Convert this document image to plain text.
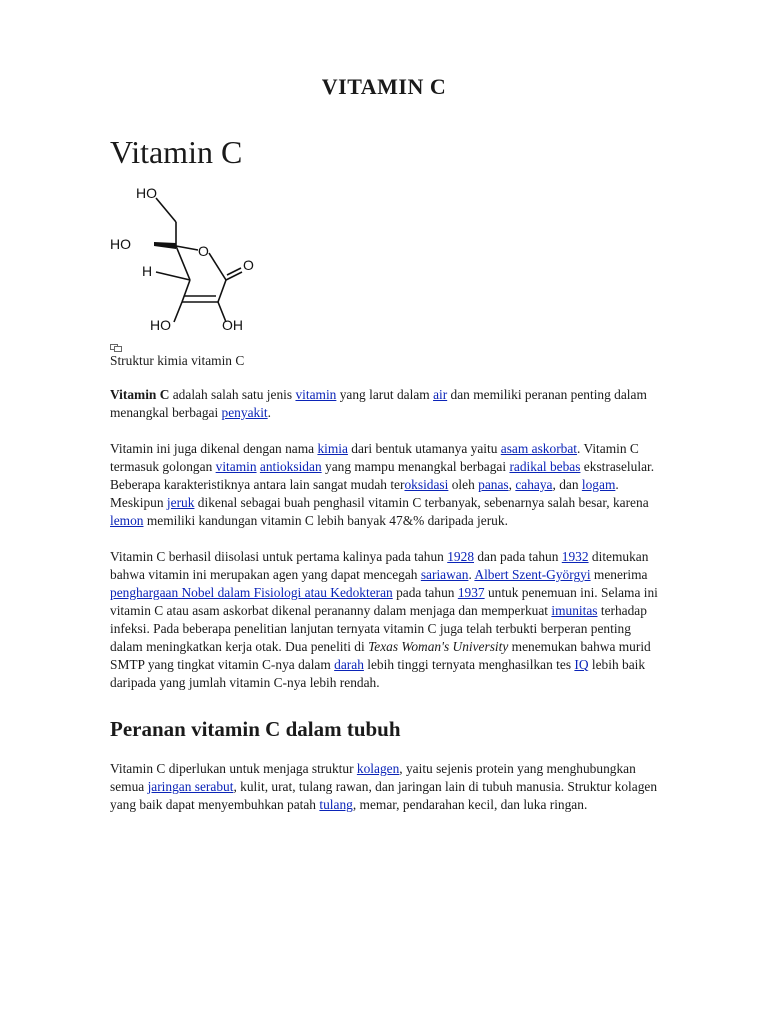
VITAMIN C
Vitamin C
HO
HO
H
O
O
HO	OH
Struktur kimia vitamin C

Vitamin C adalah salah satu jenis vitamin yang larut dalam air dan memiliki peranan penting dalam menangkal berbagai penyakit.

Vitamin ini juga dikenal dengan nama kimia dari bentuk utamanya yaitu asam askorbat. Vitamin C termasuk golongan vitamin antioksidan yang mampu menangkal berbagai radikal bebas ekstraselular. Beberapa karakteristiknya antara lain sangat mudah teroksidasi oleh panas, cahaya, dan logam. Meskipun jeruk dikenal sebagai buah penghasil vitamin C terbanyak, sebenarnya salah besar, karena lemon memiliki kandungan vitamin C lebih banyak 47&% daripada jeruk.

Vitamin C berhasil diisolasi untuk pertama kalinya pada tahun 1928 dan pada tahun 1932 ditemukan bahwa vitamin ini merupakan agen yang dapat mencegah sariawan. Albert Szent-Györgyi menerima penghargaan Nobel dalam Fisiologi atau Kedokteran pada tahun 1937 untuk penemuan ini. Selama ini vitamin C atau asam askorbat dikenal perananny dalam menjaga dan memperkuat imunitas terhadap infeksi. Pada beberapa penelitian lanjutan ternyata vitamin C juga telah terbukti berperan penting dalam meningkatkan kerja otak. Dua peneliti di Texas Woman's University menemukan bahwa murid SMTP yang tingkat vitamin C-nya dalam darah lebih tinggi ternyata menghasilkan tes IQ lebih baik daripada yang jumlah vitamin C-nya lebih rendah.

Peranan vitamin C dalam tubuh

Vitamin C diperlukan untuk menjaga struktur kolagen, yaitu sejenis protein yang menghubungkan semua jaringan serabut, kulit, urat, tulang rawan, dan jaringan lain di tubuh manusia. Struktur kolagen yang baik dapat menyembuhkan patah tulang, memar, pendarahan kecil, dan luka ringan.
